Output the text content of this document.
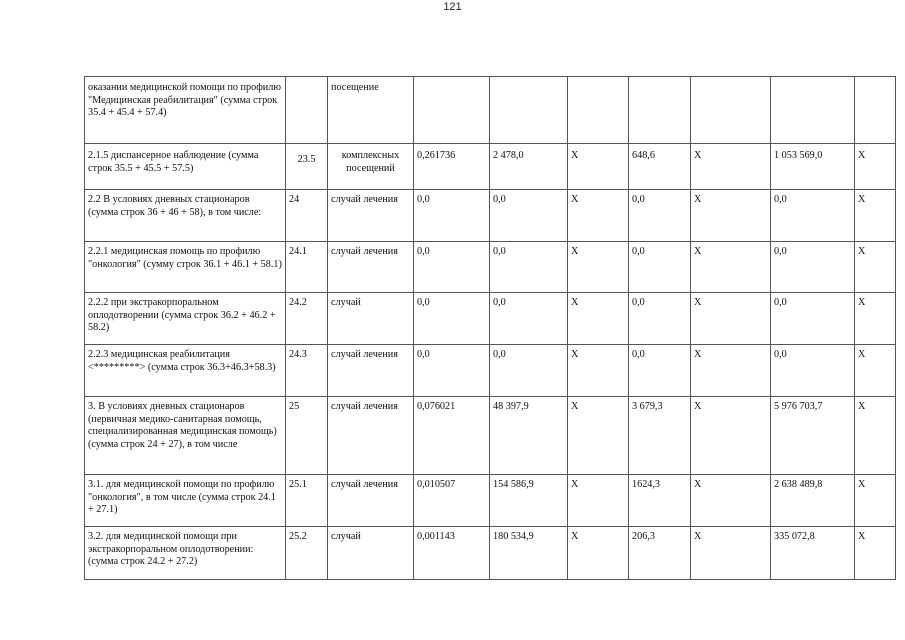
121
оказании медицинской помощи по профилю "Медицинская реабилитация" (сумма строк 35.4 + 45.4 + 57.4)		посещение							
2.1.5 диспансерное наблюдение (сумма строк 35.5 + 45.5 + 57.5)	23.5	комплексных посещений	0,261736	2 478,0	X	648,6	X	1 053 569,0	X
2.2 В условиях дневных стационаров (сумма строк 36 + 46 + 58), в том числе:	24	случай лечения	0,0	0,0	X	0,0	X	0,0	X
2.2.1 медицинская помощь по профилю "онкология" (сумму строк 36.1 + 46.1 + 58.1)	24.1	случай лечения	0,0	0,0	X	0,0	X	0,0	X
2.2.2 при экстракорпоральном оплодотворении (сумма строк 36.2 + 46.2 + 58.2)	24.2	случай	0,0	0,0	X	0,0	X	0,0	X
2.2.3 медицинская реабилитация <*********> (сумма строк 36.3+46.3+58.3)	24.3	случай лечения	0,0	0,0	X	0,0	X	0,0	X
3. В условиях дневных стационаров (первичная медико-санитарная помощь, специализированная медицинская помощь) (сумма строк 24 + 27), в том числе	25	случай лечения	0,076021	48 397,9	X	3 679,3	X	5 976 703,7	X
3.1. для медицинской помощи по профилю "онкология", в том числе (сумма строк 24.1 + 27.1)	25.1	случай лечения	0,010507	154 586,9	X	1624,3	X	2 638 489,8	X
3.2. для медицинской помощи при экстракорпоральном оплодотворении: (сумма строк 24.2 + 27.2)	25.2	случай	0,001143	180 534,9	X	206,3	X	335 072,8	X
